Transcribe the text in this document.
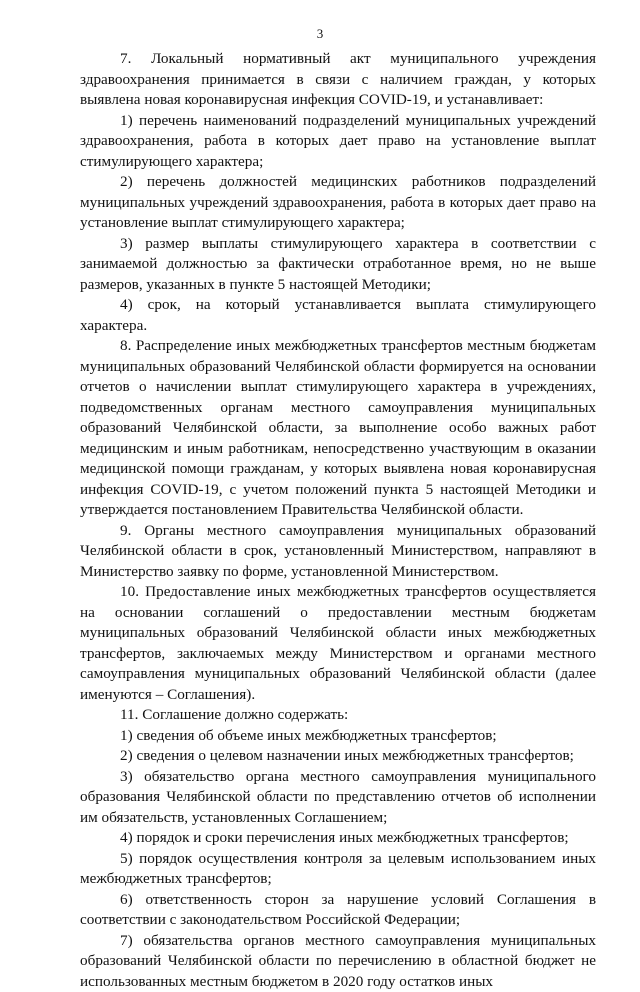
3

7. Локальный нормативный акт муниципального учреждения здравоохранения принимается в связи с наличием граждан, у которых выявлена новая коронавирусная инфекция COVID-19, и устанавливает:

1) перечень наименований подразделений муниципальных учреждений здравоохранения, работа в которых дает право на установление выплат стимулирующего характера;

2) перечень должностей медицинских работников подразделений муниципальных учреждений здравоохранения, работа в которых дает право на установление выплат стимулирующего характера;

3) размер выплаты стимулирующего характера в соответствии с занимаемой должностью за фактически отработанное время, но не выше размеров, указанных в пункте 5 настоящей Методики;

4) срок, на который устанавливается выплата стимулирующего характера.

8. Распределение иных межбюджетных трансфертов местным бюджетам муниципальных образований Челябинской области формируется на основании отчетов о начислении выплат стимулирующего характера в учреждениях, подведомственных органам местного самоуправления муниципальных образований Челябинской области, за выполнение особо важных работ медицинским и иным работникам, непосредственно участвующим в оказании медицинской помощи гражданам, у которых выявлена новая коронавирусная инфекция COVID-19, с учетом положений пункта 5 настоящей Методики и утверждается постановлением Правительства Челябинской области.

9. Органы местного самоуправления муниципальных образований Челябинской области в срок, установленный Министерством, направляют в Министерство заявку по форме, установленной Министерством.

10. Предоставление иных межбюджетных трансфертов осуществляется на основании соглашений о предоставлении местным бюджетам муниципальных образований Челябинской области иных межбюджетных трансфертов, заключаемых между Министерством и органами местного самоуправления муниципальных образований Челябинской области (далее именуются – Соглашения).

11. Соглашение должно содержать:

1) сведения об объеме иных межбюджетных трансфертов;

2) сведения о целевом назначении иных межбюджетных трансфертов;

3) обязательство органа местного самоуправления муниципального образования Челябинской области по представлению отчетов об исполнении им обязательств, установленных Соглашением;

4) порядок и сроки перечисления иных межбюджетных трансфертов;

5) порядок осуществления контроля за целевым использованием иных межбюджетных трансфертов;

6) ответственность сторон за нарушение условий Соглашения в соответствии с законодательством Российской Федерации;

7) обязательства органов местного самоуправления муниципальных образований Челябинской области по перечислению в областной бюджет не использованных местным бюджетом в 2020 году остатков иных
